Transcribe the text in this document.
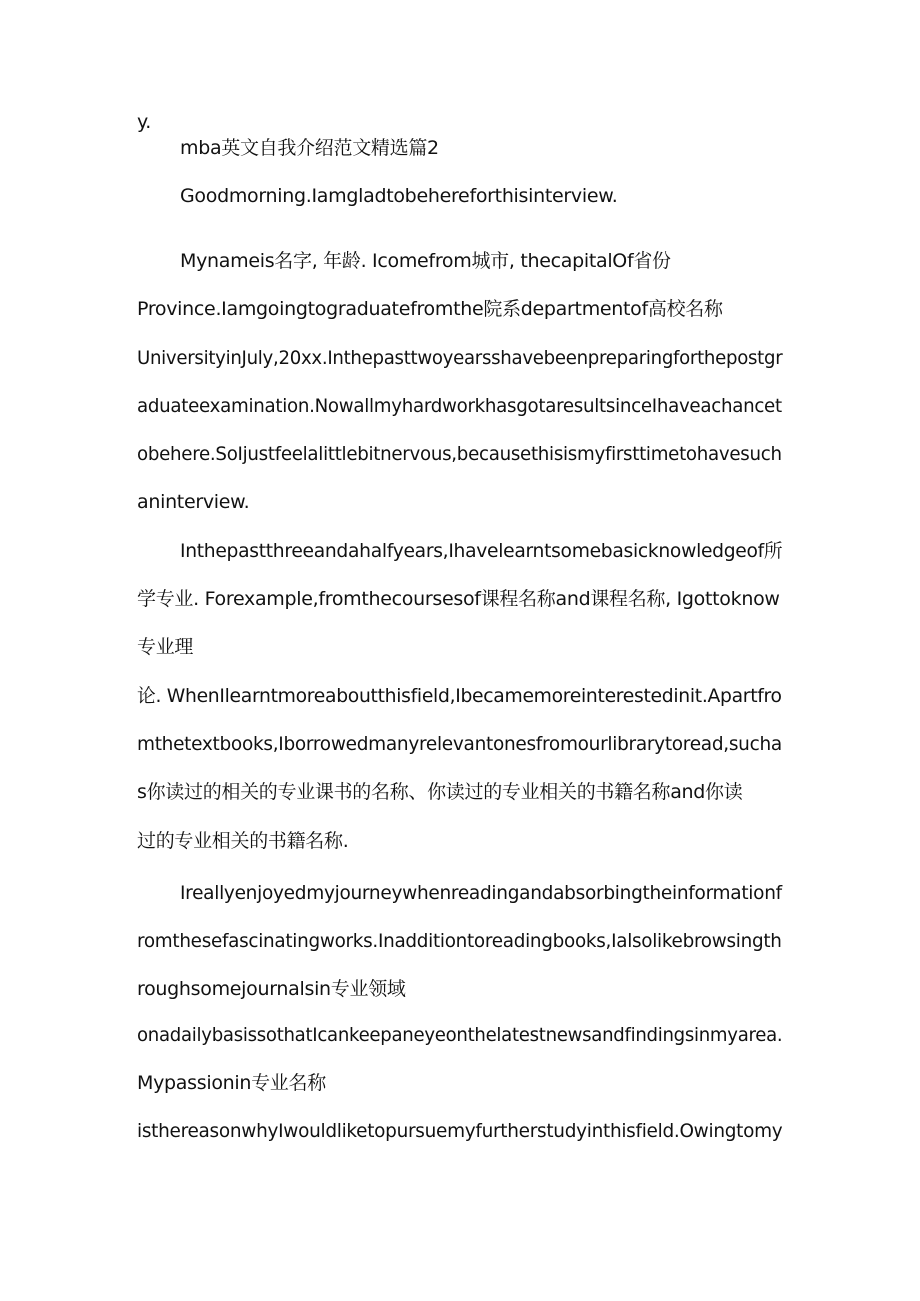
y.
mba英文自我介绍范文精选篇2
Goodmorning.Iamgladtobehereforthisinterview.
Mynameis名字, 年龄. Icomefrom城市, thecapitalOf省份
Province.Iamgoingtograduatefromthe院系departmentof高校名称
UniversityinJuly,20xx.Inthepasttwoyearsshavebeenpreparingforthepostgr
aduateexamination.NowallmyhardworkhasgotaresultsinceIhaveachancet
obehere.SoIjustfeelalittlebitnervous,becausethisismyfirsttimetohavesuch
aninterview.
Inthepastthreeandahalfyears,Ihavelearntsomebasicknowledgeof所
学专业. Forexample,fromthecoursesof课程名称and课程名称, Igottoknow
专业理
论. WhenIlearntmoreaboutthisfield,Ibecamemoreinterestedinit.Apartfro
mthetextbooks,Iborrowedmanyrelevantonesfromourlibrarytoread,sucha
s你读过的相关的专业课书的名称、你读过的专业相关的书籍名称and你读
过的专业相关的书籍名称.
Ireallyenjoyedmyjourneywhenreadingandabsorbingtheinformationf
romthesefascinatingworks.Inadditiontoreadingbooks,Ialsolikebrowsingth
roughsomejournalsin专业领域
onadailybasissothatIcankeepaneyeonthelatestnewsandfindingsinmyarea.
Mypassionin专业名称
isthereasonwhyIwouldliketopursuemyfurtherstudyinthisfield.Owingtomy
